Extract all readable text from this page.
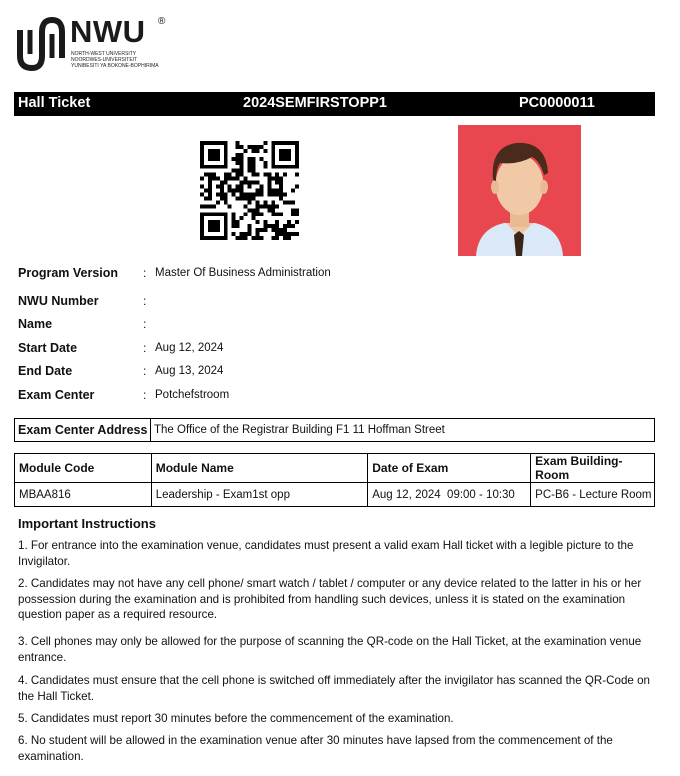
NWU ®
NORTH-WEST UNIVERSITY NOORDWES-UNIVERSITEIT YUNIBESITI YA BOKONE-BOPHIRIMA
Hall Ticket	2024SEMFIRSTOPP1	PC0000011
Program Version : Master Of Business Administration
NWU Number	:
Name	:
Start Date	: Aug 12, 2024
End Date	: Aug 13, 2024
Exam Center	: Potchefstroom
Exam Center Address The Office of the Registrar Building F1 11 Hoffman Street
Module Code	Module Name	Date of Exam	Exam Building-Room
MBAA816	Leadership - Exam1st opp	Aug 12, 2024  09:00 - 10:30	PC-B6 - Lecture Room
Important Instructions

1. For entrance into the examination venue, candidates must present a valid exam Hall ticket with a legible picture to the Invigilator.

2. Candidates may not have any cell phone/ smart watch / tablet / computer or any device related to the latter in his or her possession during the examination and is prohibited from handling such devices, unless it is stated on the examination question paper as a required resource.

3. Cell phones may only be allowed for the purpose of scanning the QR-code on the Hall Ticket, at the examination venue entrance.

4. Candidates must ensure that the cell phone is switched off immediately after the invigilator has scanned the QR-Code on the Hall Ticket.

5. Candidates must report 30 minutes before the commencement of the examination.

6. No student will be allowed in the examination venue after 30 minutes have lapsed from the commencement of the examination.
